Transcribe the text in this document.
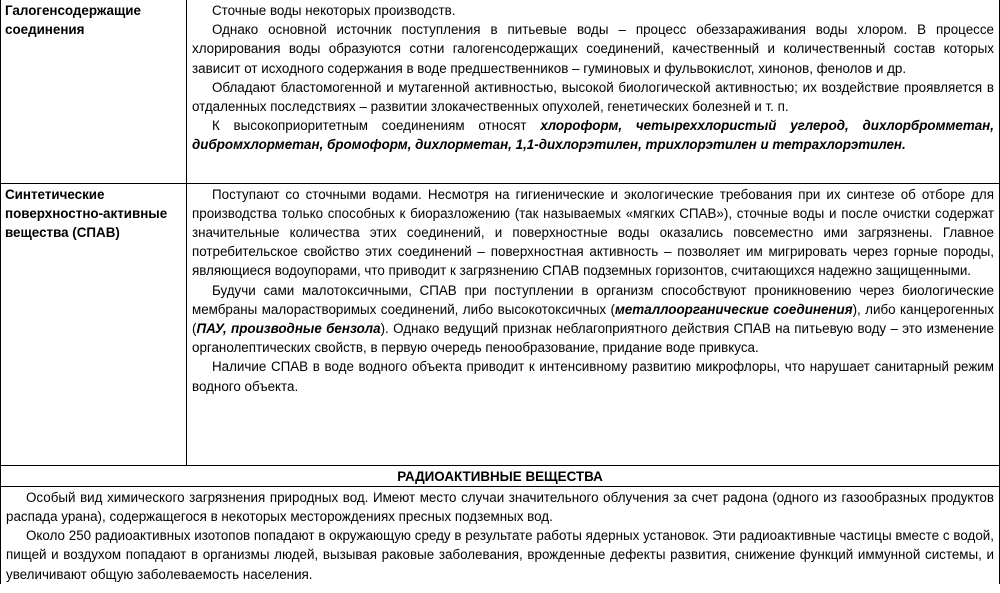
Галогенсодержащие соединения	Сточные воды некоторых производств.

Однако основной источник поступления в питьевые воды – процесс обеззараживания воды хлором. В процессе хлорирования воды образуются сотни галогенсодержащих соединений, качественный и количественный состав которых зависит от исходного содержания в воде предшественников – гуминовых и фульвокислот, хинонов, фенолов и др.

Обладают бластомогенной и мутагенной активностью, высокой биологической активностью; их воздействие проявляется в отдаленных последствиях – развитии злокачественных опухолей, генетических болезней и т. п.

К высокоприоритетным соединениям относят хлороформ, четыреххлористый углерод, дихлорбромметан, дибромхлорметан, бромоформ, дихлорметан, 1,1-дихлорэтилен, трихлорэтилен и тетрахлорэтилен.

Синтетические поверхностно-активные вещества (СПАВ)	Поступают со сточными водами. Несмотря на гигиенические и экологические требования при их синтезе об отборе для производства только способных к биоразложению (так называемых «мягких СПАВ»), сточные воды и после очистки содержат значительные количества этих соединений, и поверхностные воды оказались повсеместно ими загрязнены. Главное потребительское свойство этих соединений – поверхностная активность – позволяет им мигрировать через горные породы, являющиеся водоупорами, что приводит к загрязнению СПАВ подземных горизонтов, считающихся надежно защищенными.

Будучи сами малотоксичными, СПАВ при поступлении в организм способствуют проникновению через биологические мембраны малорастворимых соединений, либо высокотоксичных (металлоорганические соединения), либо канцерогенных (ПАУ, производные бензола). Однако ведущий признак неблагоприятного действия СПАВ на питьевую воду – это изменение органолептических свойств, в первую очередь пенообразование, придание воде привкуса.

Наличие СПАВ в воде водного объекта приводит к интенсивному развитию микрофлоры, что нарушает санитарный режим водного объекта.

РАДИОАКТИВНЫЕ ВЕЩЕСТВА	

Особый вид химического загрязнения природных вод. Имеют место случаи значительного облучения за счет радона (одного из газообразных продуктов распада урана), содержащегося в некоторых месторождениях пресных подземных вод.

Около 250 радиоактивных изотопов попадают в окружающую среду в результате работы ядерных установок. Эти радиоактивные частицы вместе с водой, пищей и воздухом попадают в организмы людей, вызывая раковые заболевания, врожденные дефекты развития, снижение функций иммунной системы, и увеличивают общую заболеваемость населения.	
